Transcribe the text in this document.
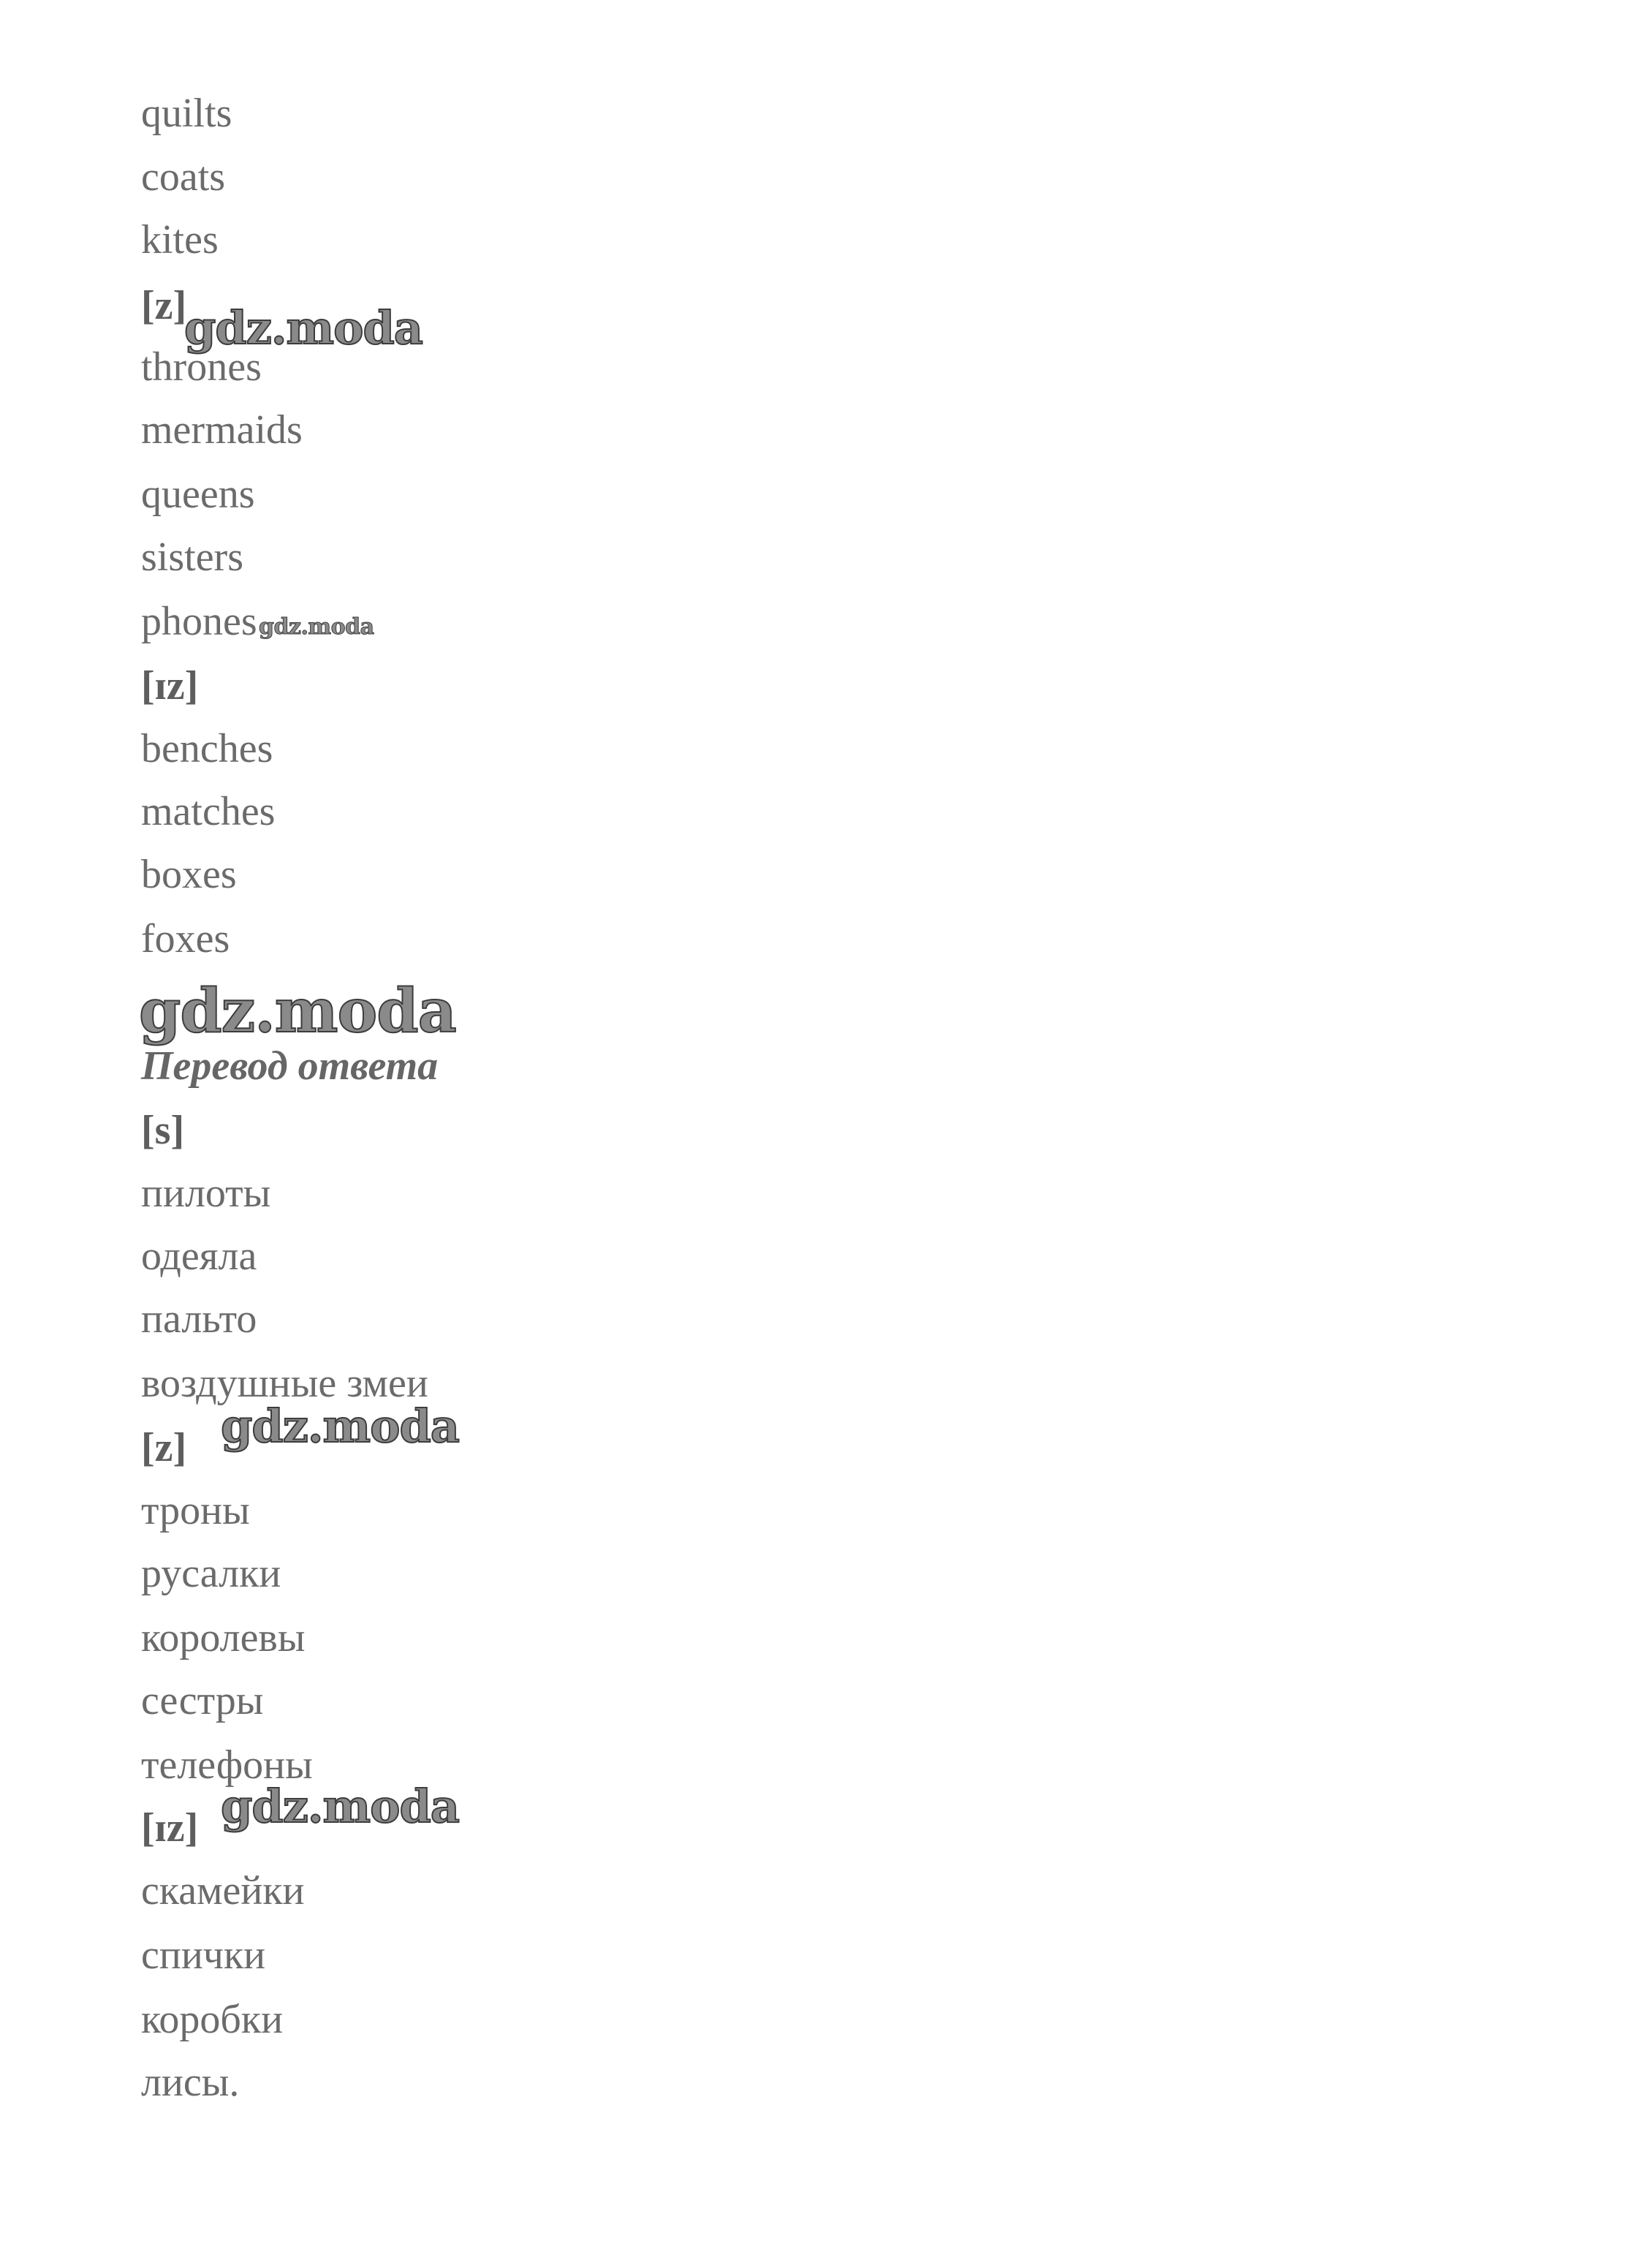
quilts
coats
kites
[z]
thrones
mermaids
queens
sisters
phones
[ɪz]
benches
matches
boxes
foxes
Перевод ответа
[s]
пилоты
одеяла
пальто
воздушные змеи
[z]
троны
русалки
королевы
сестры
телефоны
[ɪz]
скамейки
спички
коробки
лисы.
gdz.moda
gdz.moda
gdz.moda
gdz.moda
gdz.moda
